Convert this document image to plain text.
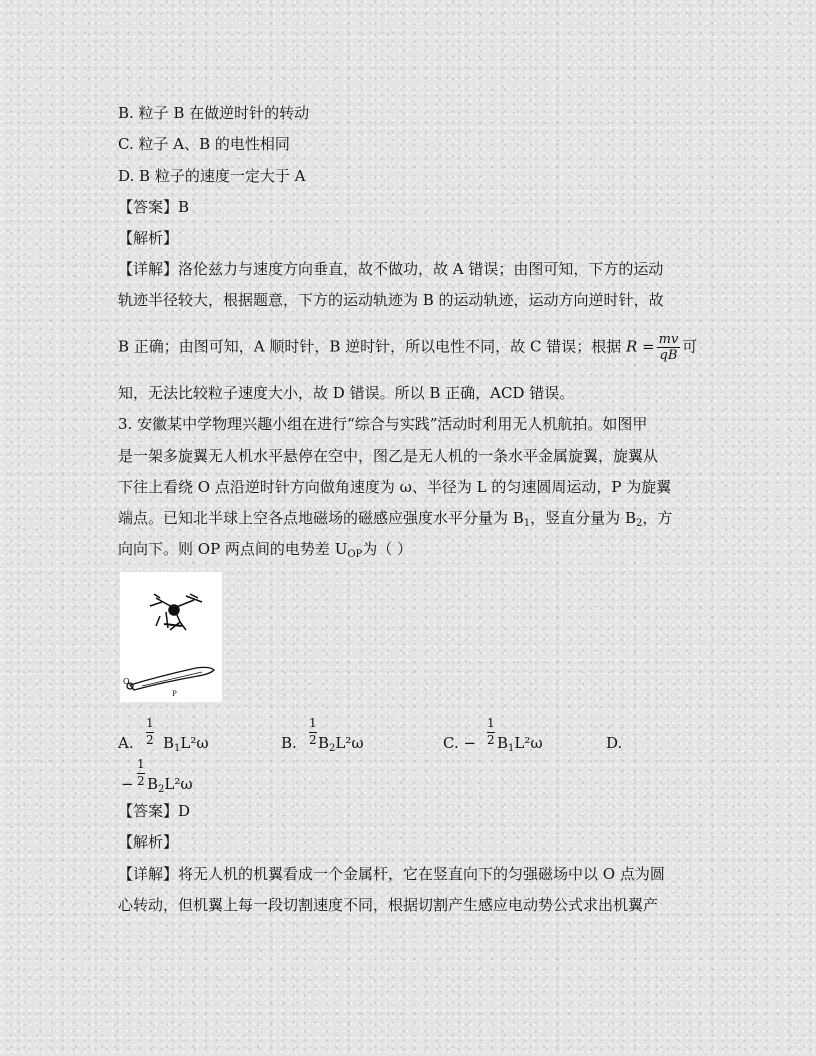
B. 粒子 B 在做逆时针的转动
C. 粒子 A、B 的电性相同
D. B 粒子的速度一定大于 A
【答案】B
【解析】
【详解】洛伦兹力与速度方向垂直，故不做功，故 A 错误；由图可知，下方的运动
轨迹半径较大，根据题意，下方的运动轨迹为 B 的运动轨迹，运动方向逆时针，故
B 正确；由图可知，A 顺时针，B 逆时针，所以电性不同，故 C 错误；根据 $R = \frac{mv}{qB}$ 可
知，无法比较粒子速度大小，故 D 错误。所以 B 正确，ACD 错误。
3. 安徽某中学物理兴趣小组在进行“综合与实践”活动时利用无人机航拍。如图甲
是一架多旋翼无人机水平悬停在空中，图乙是无人机的一条水平金属旋翼，旋翼从
下往上看绕 O 点沿逆时针方向做角速度为 ω、半径为 L 的匀速圆周运动，P 为旋翼
端点。已知北半球上空各点地磁场的磁感应强度水平分量为 $B_1$，竖直分量为 $B_2$，方
向向下。则 OP 两点间的电势差 $U_{OP}$为（ ）
O
P
1
2
A. $B_1L^2\omega$
1
2
B. $B_2L^2\omega$
1
2
C. − $B_1L^2\omega$	D.
1
2
− $B_2L^2\omega$
【答案】D
【解析】
【详解】将无人机的机翼看成一个金属杆，它在竖直向下的匀强磁场中以 O 点为圆
心转动，但机翼上每一段切割速度不同，根据切割产生感应电动势公式求出机翼产
